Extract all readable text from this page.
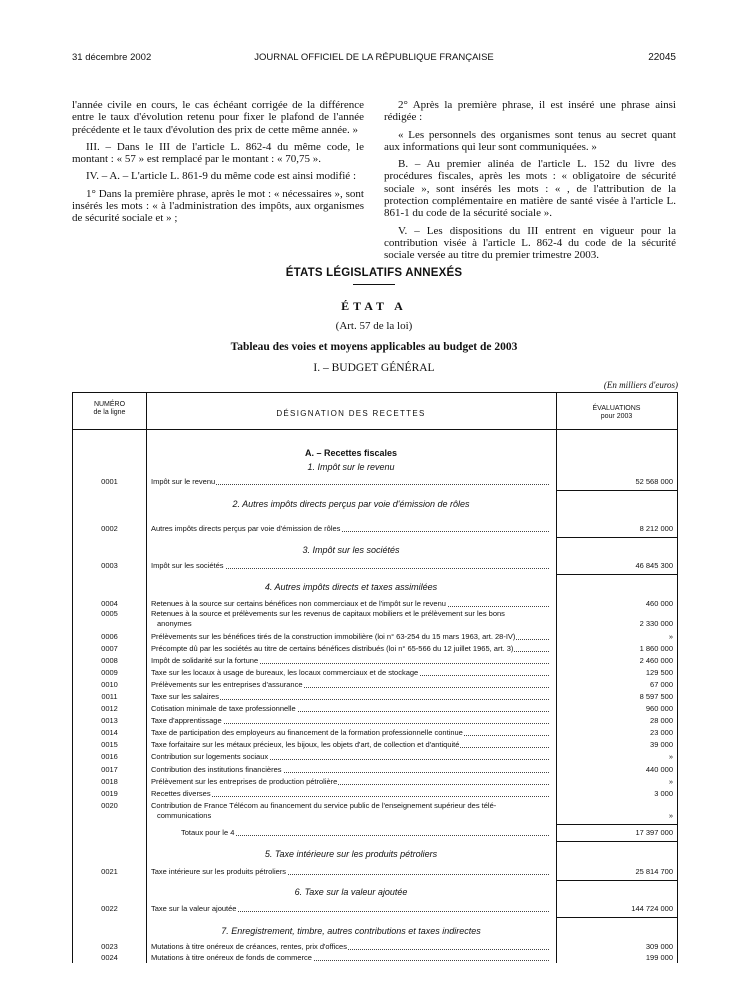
31 décembre 2002	JOURNAL OFFICIEL DE LA RÉPUBLIQUE FRANÇAISE	22045

l'année civile en cours, le cas échéant corrigée de la différence entre le taux d'évolution retenu pour fixer le plafond de l'année précédente et le taux d'évolution des prix de cette même année. »

III. – Dans le III de l'article L. 862-4 du même code, le montant : « 57 » est remplacé par le montant : « 70,75 ».

IV. – A. – L'article L. 861-9 du même code est ainsi modifié :

1° Dans la première phrase, après le mot : « nécessaires », sont insérés les mots : « à l'administration des impôts, aux organismes de sécurité sociale et » ;

2° Après la première phrase, il est inséré une phrase ainsi rédigée :

« Les personnels des organismes sont tenus au secret quant aux informations qui leur sont communiquées. »

B. – Au premier alinéa de l'article L. 152 du livre des procédures fiscales, après les mots : « obligatoire de sécurité sociale », sont insérés les mots : « , de l'attribution de la protection complémentaire en matière de santé visée à l'article L. 861-1 du code de la sécurité sociale ».

V. – Les dispositions du III entrent en vigueur pour la contribution visée à l'article L. 862-4 du code de la sécurité sociale versée au titre du premier trimestre 2003.

ÉTATS LÉGISLATIFS ANNEXÉS
ÉTAT A
(Art. 57 de la loi)
Tableau des voies et moyens applicables au budget de 2003
I. – BUDGET GÉNÉRAL
(En milliers d'euros)
NUMÉRO
de la ligne	DÉSIGNATION DES RECETTES
ÉVALUATIONS
pour 2003
A. – Recettes fiscales
1. Impôt sur le revenu
0001	Impôt sur le revenu	52 568 000
2. Autres impôts directs perçus par voie d'émission de rôles
0002	Autres impôts directs perçus par voie d'émission de rôles	8 212 000
3. Impôt sur les sociétés
0003	Impôt sur les sociétés	46 845 300
4. Autres impôts directs et taxes assimilées
0004	Retenues à la source sur certains bénéfices non commerciaux et de l'impôt sur le revenu	460 000
0005	Retenues à la source et prélèvements sur les revenus de capitaux mobiliers et le prélèvement sur les bons
anonymes	2 330 000
0006	Prélèvements sur les bénéfices tirés de la construction immobilière (loi n° 63-254 du 15 mars 1963, art. 28-IV)	»
0007	Précompte dû par les sociétés au titre de certains bénéfices distribués (loi n° 65-566 du 12 juillet 1965, art. 3)	1 860 000
0008	Impôt de solidarité sur la fortune	2 460 000
0009	Taxe sur les locaux à usage de bureaux, les locaux commerciaux et de stockage	129 500
0010	Prélèvements sur les entreprises d'assurance	67 000
0011	Taxe sur les salaires	8 597 500
0012	Cotisation minimale de taxe professionnelle	960 000
0013	Taxe d'apprentissage	28 000
0014	Taxe de participation des employeurs au financement de la formation professionnelle continue	23 000
0015	Taxe forfaitaire sur les métaux précieux, les bijoux, les objets d'art, de collection et d'antiquité	39 000
0016	Contribution sur logements sociaux	»
0017	Contribution des institutions financières	440 000
0018	Prélèvement sur les entreprises de production pétrolière	»
0019	Recettes diverses	3 000
0020	Contribution de France Télécom au financement du service public de l'enseignement supérieur des télé-
communications	»
Totaux pour le 4	17 397 000
5. Taxe intérieure sur les produits pétroliers
0021	Taxe intérieure sur les produits pétroliers	25 814 700
6. Taxe sur la valeur ajoutée
0022	Taxe sur la valeur ajoutée	144 724 000
7. Enregistrement, timbre, autres contributions et taxes indirectes
0023	Mutations à titre onéreux de créances, rentes, prix d'offices	309 000
0024	Mutations à titre onéreux de fonds de commerce	199 000
